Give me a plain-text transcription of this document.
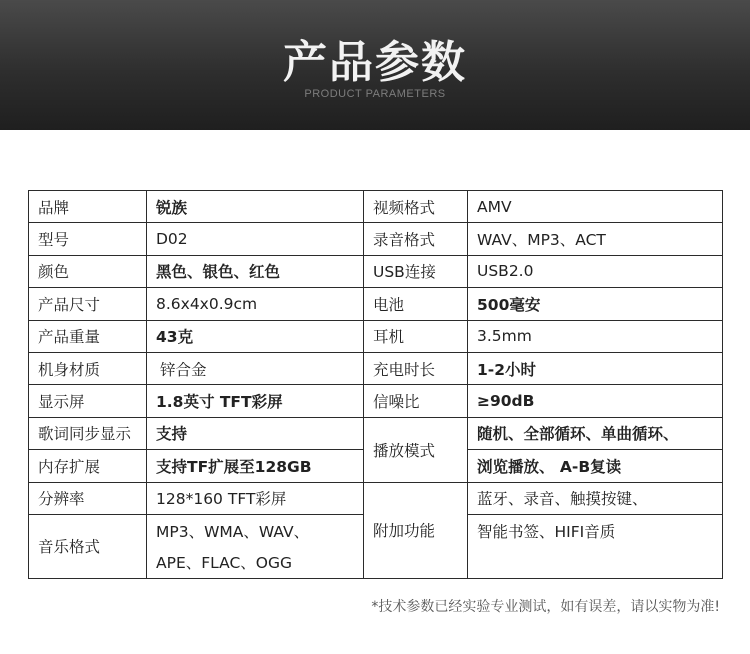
产品参数
PRODUCT PARAMETERS
品牌	锐族	视频格式	AMV
型号	D02	录音格式	WAV、MP3、ACT
颜色	黑色、银色、红色	USB连接	USB2.0
产品尺寸	8.6x4x0.9cm	电池	500毫安
产品重量	43克	耳机	3.5mm
机身材质	锌合金	充电时长	1-2小时
显示屏	1.8英寸 TFT彩屏	信噪比	≥90dB
歌词同步显示	支持	播放模式	随机、全部循环、单曲循环、
内存扩展	支持TF扩展至128GB		浏览播放、 A-B复读
分辨率	128*160 TFT彩屏	附加功能	蓝牙、录音、触摸按键、
音乐格式	MP3、WMA、WAV、		智能书签、HIFI音质
	APE、FLAC、OGG		
*技术参数已经实验专业测试，如有误差，请以实物为准!
